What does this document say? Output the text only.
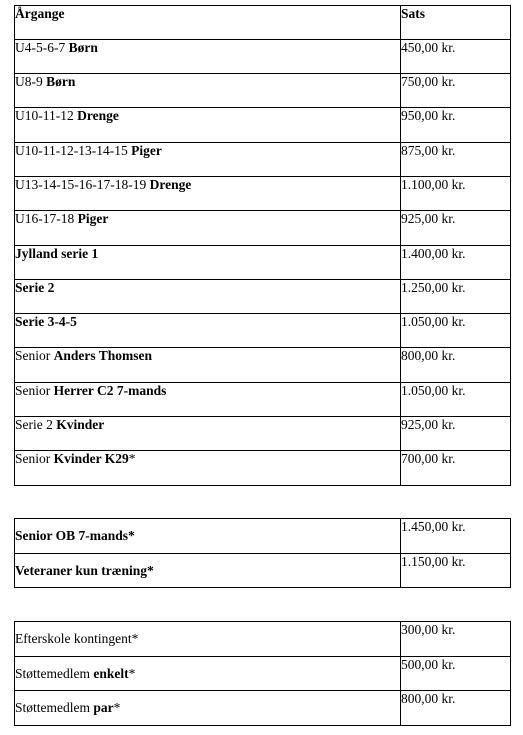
Årgange	Sats
U4-5-6-7 Børn	450,00 kr.
U8-9 Børn	750,00 kr.
U10-11-12 Drenge	950,00 kr.
U10-11-12-13-14-15 Piger	875,00 kr.
U13-14-15-16-17-18-19 Drenge	1.100,00 kr.
U16-17-18 Piger	925,00 kr.
Jylland serie 1	1.400,00 kr.
Serie 2	1.250,00 kr.
Serie 3-4-5	1.050,00 kr.
Senior Anders Thomsen	800,00 kr.
Senior Herrer C2 7-mands	1.050,00 kr.
Serie 2 Kvinder	925,00 kr.
Senior Kvinder K29*	700,00 kr.
Senior OB 7-mands*	1.450,00 kr.
Veteraner kun træning*	1.150,00 kr.
Efterskole kontingent*	300,00 kr.
Støttemedlem enkelt*	500,00 kr.
Støttemedlem par*	800,00 kr.
